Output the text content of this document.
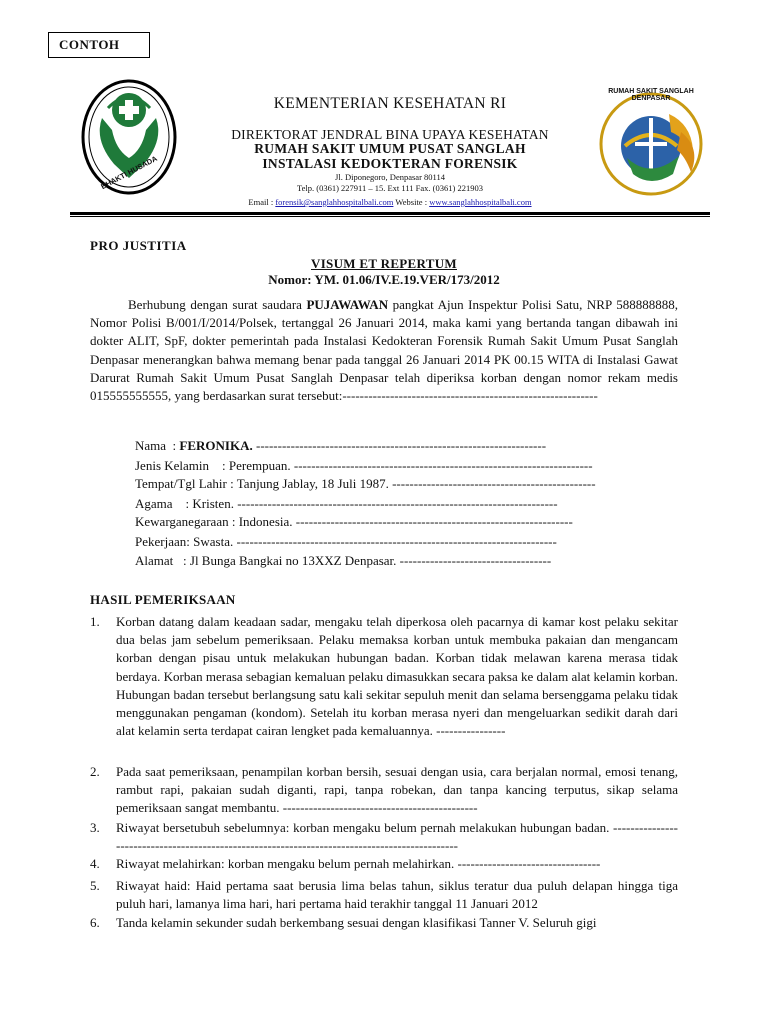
CONTOH
BHAKTI HUSADA
RUMAH SAKIT SANGLAH DENPASAR
KEMENTERIAN KESEHATAN RI
DIREKTORAT JENDRAL BINA UPAYA KESEHATAN
RUMAH SAKIT UMUM PUSAT SANGLAH
INSTALASI KEDOKTERAN FORENSIK
Jl. Diponegoro, Denpasar 80114
Telp. (0361) 227911 – 15. Ext 111 Fax. (0361) 221903
Email : forensik@sanglahhospitalbali.com Website : www.sanglahhospitalbali.com
PRO JUSTITIA
VISUM ET REPERTUM
Nomor: YM. 01.06/IV.E.19.VER/173/2012

Berhubung dengan surat saudara PUJAWAWAN pangkat Ajun Inspektur Polisi Satu, NRP 588888888, Nomor Polisi B/001/I/2014/Polsek, tertanggal 26 Januari 2014, maka kami yang bertanda tangan dibawah ini dokter ALIT, SpF, dokter pemerintah pada Instalasi Kedokteran Forensik Rumah Sakit Umum Pusat Sanglah Denpasar menerangkan bahwa memang benar pada tanggal 26 Januari 2014 PK 00.15 WITA di Instalasi Gawat Darurat Rumah Sakit Umum Pusat Sanglah Denpasar telah diperiksa korban dengan nomor rekam medis 015555555555, yang berdasarkan surat tersebut:-----------------------------------------------------------

Nama  : FERONIKA. -------------------------------------------------------------------
Jenis Kelamin    : Perempuan. ---------------------------------------------------------------------
Tempat/Tgl Lahir : Tanjung Jablay, 18 Juli 1987. -----------------------------------------------
Agama    : Kristen. --------------------------------------------------------------------------
Kewarganegaraan : Indonesia. ----------------------------------------------------------------
Pekerjaan: Swasta. --------------------------------------------------------------------------
Alamat   : Jl Bunga Bangkai no 13XXZ Denpasar. -----------------------------------
HASIL PEMERIKSAAN
1.	Korban datang dalam keadaan sadar, mengaku telah diperkosa oleh pacarnya di kamar kost pelaku sekitar dua belas jam sebelum pemeriksaan. Pelaku memaksa korban untuk membuka pakaian dan mengancam korban dengan pisau untuk melakukan hubungan badan. Korban tidak melawan karena merasa tidak berdaya. Korban merasa sebagian kemaluan pelaku dimasukkan secara paksa ke dalam alat kelamin korban. Hubungan badan tersebut berlangsung satu kali sekitar sepuluh menit dan selama bersenggama pelaku tidak menggunakan pengaman (kondom). Setelah itu korban merasa nyeri dan mengeluarkan sedikit darah dari alat kelamin serta terdapat cairan lengket pada kemaluannya. ----------------
2.	Pada saat pemeriksaan, penampilan korban bersih, sesuai dengan usia, cara berjalan normal, emosi tenang, rambut rapi, pakaian sudah diganti, rapi, tanpa robekan, dan tanpa kancing terputus, sikap selama pemeriksaan sangat membantu. ---------------------------------------------
3.	Riwayat bersetubuh sebelumnya: korban mengaku belum pernah melakukan hubungan badan. ----------------------------------------------------------------------------------------------
4.	Riwayat melahirkan: korban mengaku belum pernah melahirkan. ---------------------------------
5.	Riwayat haid: Haid pertama saat berusia lima belas tahun, siklus teratur dua puluh delapan hingga tiga puluh hari, lamanya lima hari, hari pertama haid terakhir tanggal 11 Januari 2012
6.	Tanda kelamin sekunder sudah berkembang sesuai dengan klasifikasi Tanner V. Seluruh gigi
